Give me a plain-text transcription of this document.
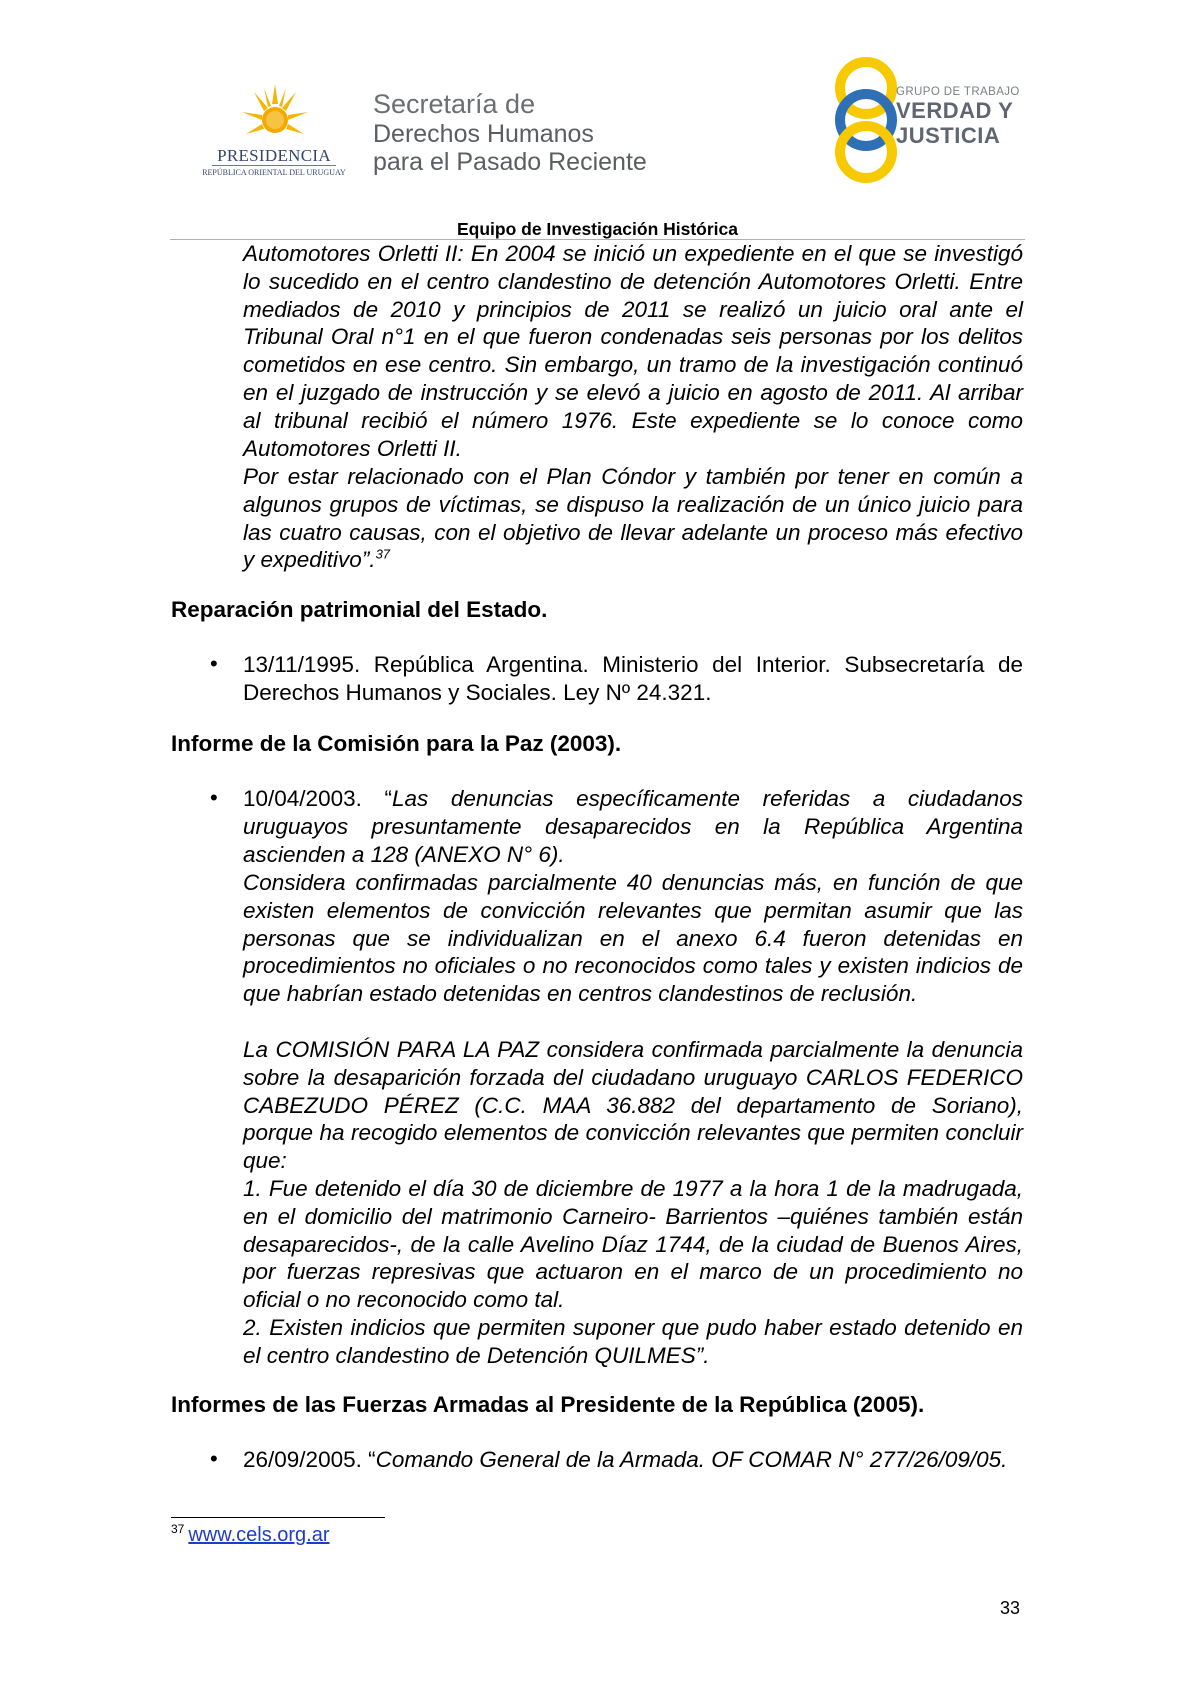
PRESIDENCIA
REPÚBLICA ORIENTAL DEL URUGUAY
Secretaría de
Derechos Humanos
para el Pasado Reciente
GRUPO DE TRABAJO
VERDAD Y
JUSTICIA
Equipo de Investigación Histórica
Automotores Orletti II: En 2004 se inició un expediente en el que se investigó lo sucedido en el centro clandestino de detención Automotores Orletti. Entre mediados de 2010 y principios de 2011 se realizó un juicio oral ante el Tribunal Oral n°1 en el que fueron condenadas seis personas por los delitos cometidos en ese centro. Sin embargo, un tramo de la investigación continuó en el juzgado de instrucción y se elevó a juicio en agosto de 2011. Al arribar al tribunal recibió el número 1976. Este expediente se lo conoce como Automotores Orletti II.
Por estar relacionado con el Plan Cóndor y también por tener en común a algunos grupos de víctimas, se dispuso la realización de un único juicio para las cuatro causas, con el objetivo de llevar adelante un proceso más efectivo y expeditivo”.$^{37}$
Reparación patrimonial del Estado.
• 13/11/1995. República Argentina. Ministerio del Interior. Subsecretaría de Derechos Humanos y Sociales. Ley Nº 24.321.
Informe de la Comisión para la Paz (2003).
• 10/04/2003. “Las denuncias específicamente referidas a ciudadanos uruguayos presuntamente desaparecidos en la República Argentina ascienden a 128 (ANEXO N° 6).
Considera confirmadas parcialmente 40 denuncias más, en función de que existen elementos de convicción relevantes que permitan asumir que las personas que se individualizan en el anexo 6.4 fueron detenidas en procedimientos no oficiales o no reconocidos como tales y existen indicios de que habrían estado detenidas en centros clandestinos de reclusión.
La COMISIÓN PARA LA PAZ considera confirmada parcialmente la denuncia sobre la desaparición forzada del ciudadano uruguayo CARLOS FEDERICO CABEZUDO PÉREZ (C.C. MAA 36.882 del departamento de Soriano), porque ha recogido elementos de convicción relevantes que permiten concluir que:
1. Fue detenido el día 30 de diciembre de 1977 a la hora 1 de la madrugada, en el domicilio del matrimonio Carneiro- Barrientos –quiénes también están desaparecidos-, de la calle Avelino Díaz 1744, de la ciudad de Buenos Aires, por fuerzas represivas que actuaron en el marco de un procedimiento no oficial o no reconocido como tal.
2. Existen indicios que permiten suponer que pudo haber estado detenido en el centro clandestino de Detención QUILMES”.
Informes de las Fuerzas Armadas al Presidente de la República (2005).
• 26/09/2005. “Comando General de la Armada. OF COMAR N° 277/26/09/05.
$^{37}$ www.cels.org.ar
33
